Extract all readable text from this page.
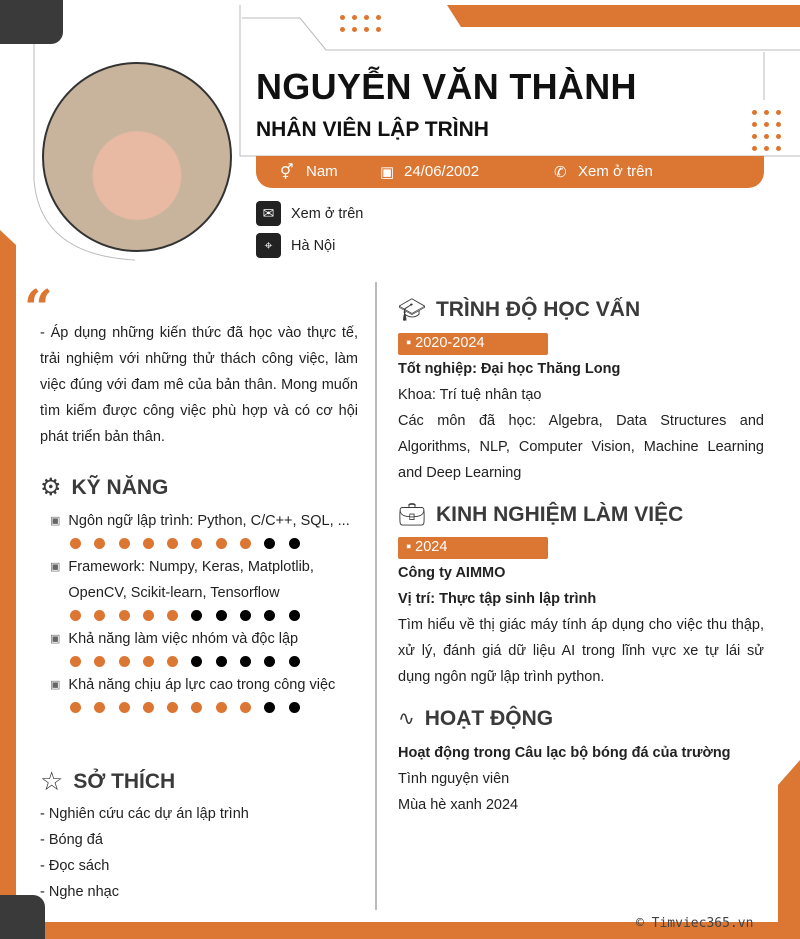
NGUYỄN VĂN THÀNH
NHÂN VIÊN LẬP TRÌNH
⚥ Nam	▣ 24/06/2002	✆ Xem ở trên
✉	Xem ở trên
⌖	Hà Nội
“
- Áp dụng những kiến thức đã học vào thực tế, trải nghiệm với những thử thách công việc, làm việc đúng với đam mê của bản thân. Mong muốn tìm kiếm được công việc phù hợp và có cơ hội phát triển bản thân.
⚙ KỸ NĂNG
▣ Ngôn ngữ lập trình: Python, C/C++, SQL, ...
▣ Framework: Numpy, Keras, Matplotlib, OpenCV, Scikit-learn, Tensorflow
▣ Khả năng làm việc nhóm và độc lập
▣ Khả năng chịu áp lực cao trong công việc
☆ SỞ THÍCH
- Nghiên cứu các dự án lập trình
- Bóng đá
- Đọc sách
- Nghe nhạc
🎓︎ TRÌNH ĐỘ HỌC VẤN
▪ 2020-2024
Tốt nghiệp: Đại học Thăng Long
Khoa: Trí tuệ nhân tạo
Các môn đã học: Algebra, Data Structures and Algorithms, NLP, Computer Vision, Machine Learning and Deep Learning
💼︎ KINH NGHIỆM LÀM VIỆC
▪ 2024
Công ty AIMMO
Vị trí: Thực tập sinh lập trình
Tìm hiểu về thị giác máy tính áp dụng cho việc thu thập, xử lý, đánh giá dữ liệu AI trong lĩnh vực xe tự lái sử dụng ngôn ngữ lập trình python.
∿ HOẠT ĐỘNG
Hoạt động trong Câu lạc bộ bóng đá của trường
Tình nguyện viên
Mùa hè xanh 2024
© Timviec365.vn
